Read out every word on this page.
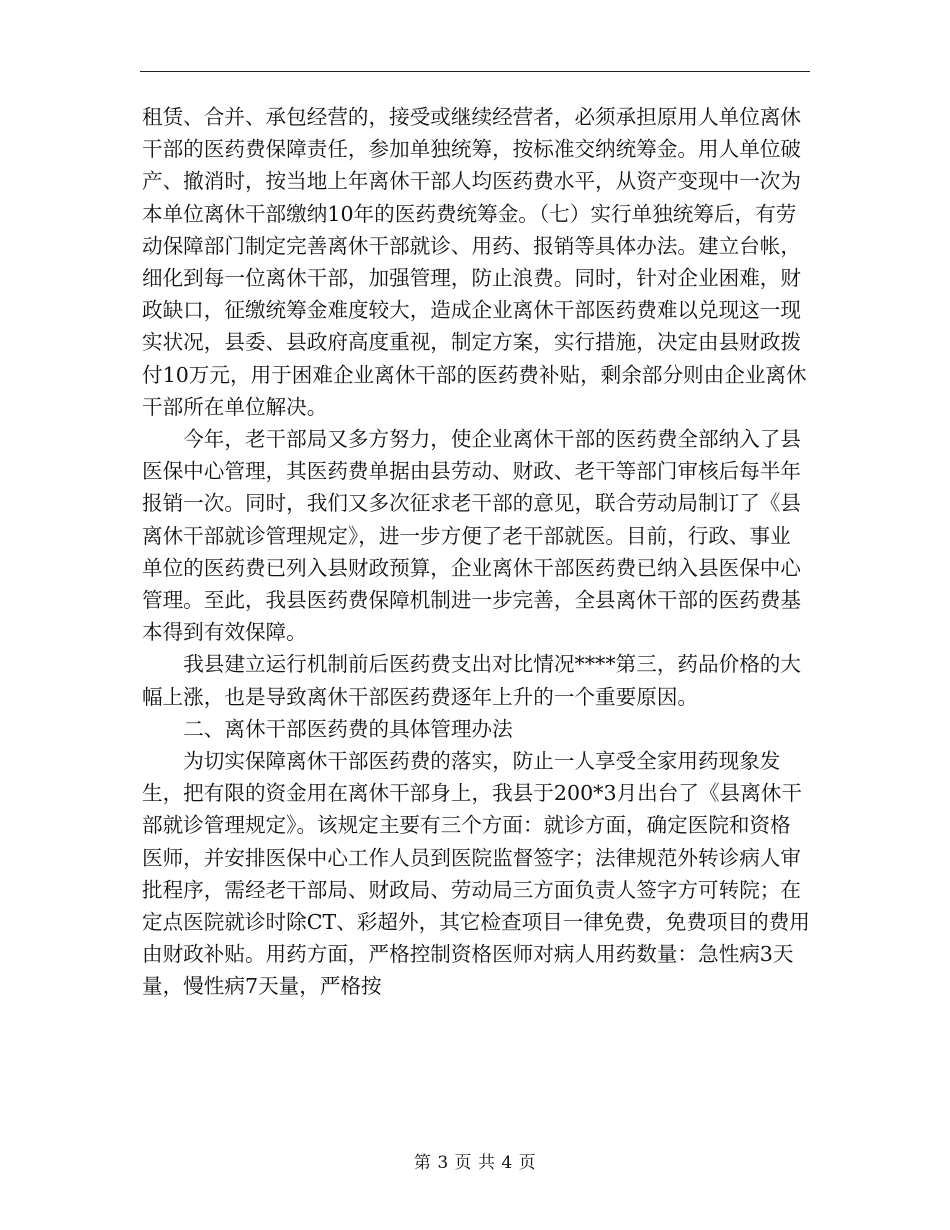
租赁、合并、承包经营的，接受或继续经营者，必须承担原用人单位离休干部的医药费保障责任，参加单独统筹，按标准交纳统筹金。用人单位破产、撤消时，按当地上年离休干部人均医药费水平，从资产变现中一次为本单位离休干部缴纳10年的医药费统筹金。（七）实行单独统筹后，有劳动保障部门制定完善离休干部就诊、用药、报销等具体办法。建立台帐，细化到每一位离休干部，加强管理，防止浪费。同时，针对企业困难，财政缺口，征缴统筹金难度较大，造成企业离休干部医药费难以兑现这一现实状况，县委、县政府高度重视，制定方案，实行措施，决定由县财政拨付10万元，用于困难企业离休干部的医药费补贴，剩余部分则由企业离休干部所在单位解决。

今年，老干部局又多方努力，使企业离休干部的医药费全部纳入了县医保中心管理，其医药费单据由县劳动、财政、老干等部门审核后每半年报销一次。同时，我们又多次征求老干部的意见，联合劳动局制订了《县离休干部就诊管理规定》，进一步方便了老干部就医。目前，行政、事业单位的医药费已列入县财政预算，企业离休干部医药费已纳入县医保中心管理。至此，我县医药费保障机制进一步完善，全县离休干部的医药费基本得到有效保障。

我县建立运行机制前后医药费支出对比情况****第三，药品价格的大幅上涨，也是导致离休干部医药费逐年上升的一个重要原因。

二、离休干部医药费的具体管理办法

为切实保障离休干部医药费的落实，防止一人享受全家用药现象发生，把有限的资金用在离休干部身上，我县于200*3月出台了《县离休干部就诊管理规定》。该规定主要有三个方面：就诊方面，确定医院和资格医师，并安排医保中心工作人员到医院监督签字；法律规范外转诊病人审批程序，需经老干部局、财政局、劳动局三方面负责人签字方可转院；在定点医院就诊时除CT、彩超外，其它检查项目一律免费，免费项目的费用由财政补贴。用药方面，严格控制资格医师对病人用药数量：急性病3天量，慢性病7天量，严格按

第 3 页 共 4 页
